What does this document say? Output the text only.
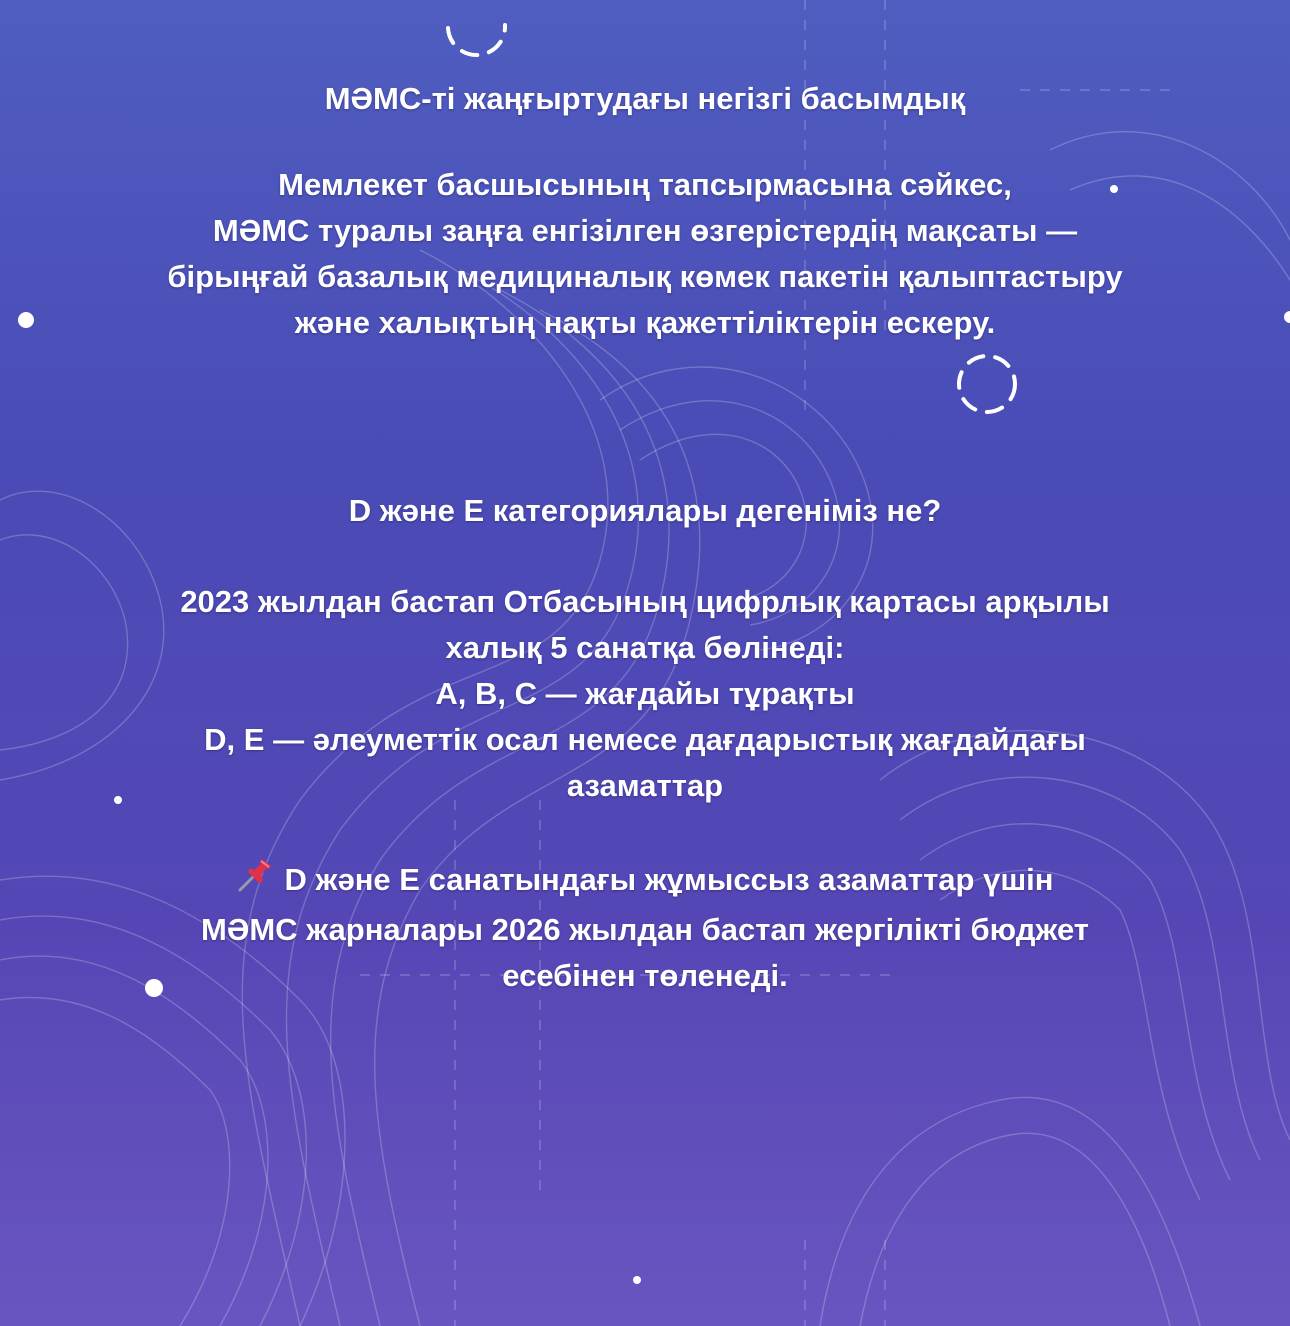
МӘМС-ті жаңғыртудағы негізгі басымдық
Мемлекет басшысының тапсырмасына сәйкес,
МӘМС туралы заңға енгізілген өзгерістердің мақсаты —
бірыңғай базалық медициналық көмек пакетін қалыптастыру
және халықтың нақты қажеттіліктерін ескеру.
D және E категориялары дегеніміз не?
2023 жылдан бастап Отбасының цифрлық картасы арқылы
халық 5 санатқа бөлінеді:
A, B, C — жағдайы тұрақты
D, E — әлеуметтік осал немесе дағдарыстық жағдайдағы
азаматтар
D және E санатындағы жұмыссыз азаматтар үшін
МӘМС жарналары 2026 жылдан бастап жергілікті бюджет
есебінен төленеді.
